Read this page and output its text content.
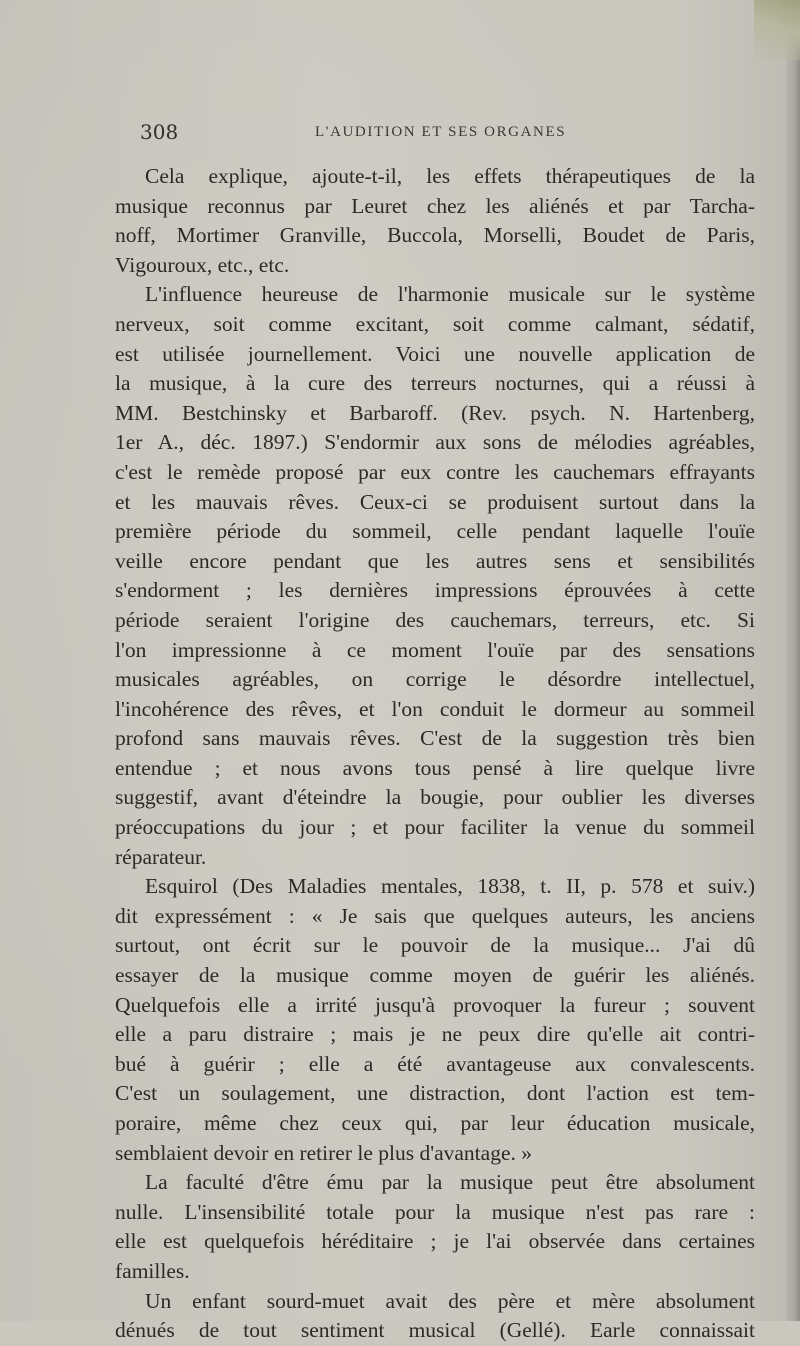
308	L'AUDITION ET SES ORGANES
Cela explique, ajoute-t-il, les effets thérapeutiques de la
musique reconnus par Leuret chez les aliénés et par Tarcha-
noff, Mortimer Granville, Buccola, Morselli, Boudet de Paris,
Vigouroux, etc., etc.
L'influence heureuse de l'harmonie musicale sur le système
nerveux, soit comme excitant, soit comme calmant, sédatif,
est utilisée journellement. Voici une nouvelle application de
la musique, à la cure des terreurs nocturnes, qui a réussi à
MM. Bestchinsky et Barbaroff. (Rev. psych. N. Hartenberg,
1er A., déc. 1897.) S'endormir aux sons de mélodies agréables,
c'est le remède proposé par eux contre les cauchemars effrayants
et les mauvais rêves. Ceux-ci se produisent surtout dans la
première période du sommeil, celle pendant laquelle l'ouïe
veille encore pendant que les autres sens et sensibilités
s'endorment ; les dernières impressions éprouvées à cette
période seraient l'origine des cauchemars, terreurs, etc. Si
l'on impressionne à ce moment l'ouïe par des sensations
musicales agréables, on corrige le désordre intellectuel,
l'incohérence des rêves, et l'on conduit le dormeur au sommeil
profond sans mauvais rêves. C'est de la suggestion très bien
entendue ; et nous avons tous pensé à lire quelque livre
suggestif, avant d'éteindre la bougie, pour oublier les diverses
préoccupations du jour ; et pour faciliter la venue du sommeil
réparateur.
Esquirol (Des Maladies mentales, 1838, t. II, p. 578 et suiv.)
dit expressément : « Je sais que quelques auteurs, les anciens
surtout, ont écrit sur le pouvoir de la musique... J'ai dû
essayer de la musique comme moyen de guérir les aliénés.
Quelquefois elle a irrité jusqu'à provoquer la fureur ; souvent
elle a paru distraire ; mais je ne peux dire qu'elle ait contri-
bué à guérir ; elle a été avantageuse aux convalescents.
C'est un soulagement, une distraction, dont l'action est tem-
poraire, même chez ceux qui, par leur éducation musicale,
semblaient devoir en retirer le plus d'avantage. »
La faculté d'être ému par la musique peut être absolument
nulle. L'insensibilité totale pour la musique n'est pas rare :
elle est quelquefois héréditaire ; je l'ai observée dans certaines
familles.
Un enfant sourd-muet avait des père et mère absolument
dénués de tout sentiment musical (Gellé). Earle connaissait
